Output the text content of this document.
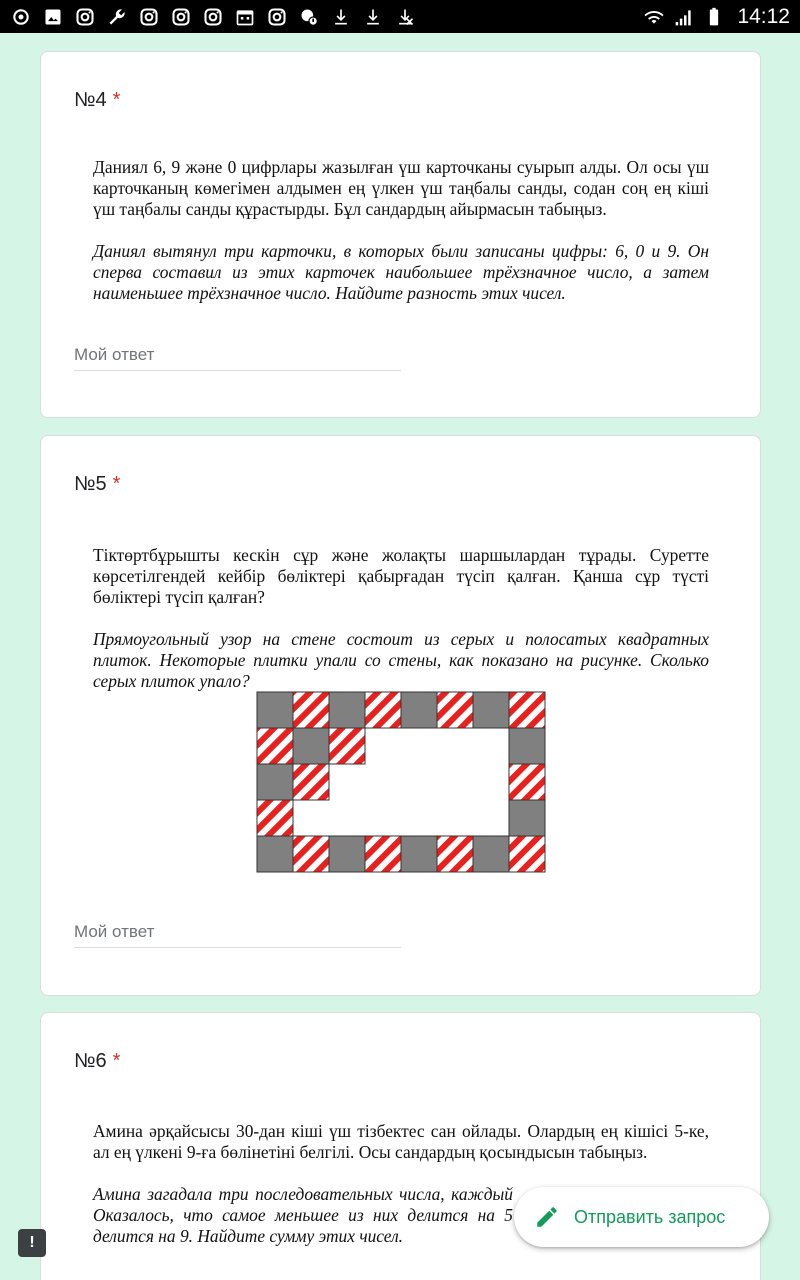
14:12
№4 *
Даниял 6, 9 және 0 цифрлары жазылған үш карточканы суырып алды. Ол осы үш карточканың көмегімен алдымен ең үлкен үш таңбалы санды, содан соң ең кіші үш таңбалы санды құрастырды. Бұл сандардың айырмасын табыңыз.
Даниял вытянул три карточки, в которых были записаны цифры: 6, 0 и 9. Он сперва составил из этих карточек наибольшее трёхзначное число, а затем наименьшее трёхзначное число. Найдите разность этих чисел.
Мой ответ
№5 *
Тіктөртбұрышты кескін сұр және жолақты шаршылардан тұрады. Суретте көрсетілгендей кейбір бөліктері қабырғадан түсіп қалған. Қанша сұр түсті бөліктері түсіп қалған?
Прямоугольный узор на стене состоит из серых и полосатых квадратных плиток. Некоторые плитки упали со стены, как показано на рисунке. Сколько серых плиток упало?
Мой ответ
№6 *
Амина әрқайсысы 30-дан кіші үш тізбектес сан ойлады. Олардың ең кішісі 5-ке, ал ең үлкені 9-ға бөлінетіні белгілі. Осы сандардың қосындысын табыңыз.
Амина загадала три последовательных числа, каждый Оказалось, что самое меньшее из них делится на 5 делится на 9. Найдите сумму этих чисел.
Отправить запрос
!
